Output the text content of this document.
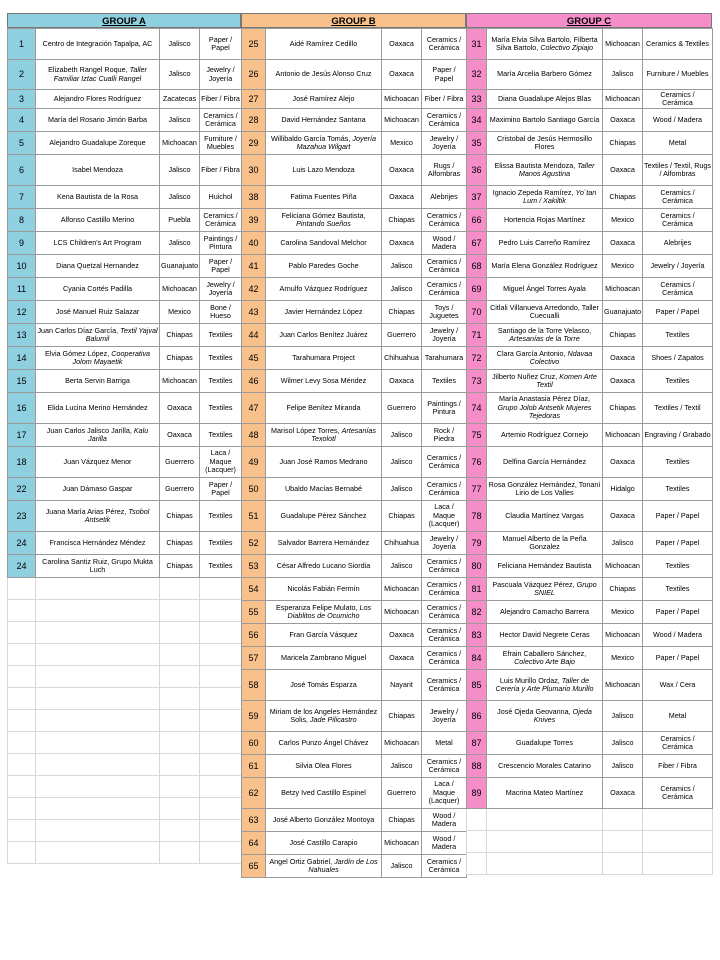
GROUP A
1	Centro de Integración Tapalpa, AC	Jalisco	Paper / Papel
2	Elizabeth Rangel Roque, Taller Familiar Iztac Cualli Rangel	Jalisco	Jewelry / Joyería
3	Alejandro Flores Rodríguez	Zacatecas	Fiber / Fibra
4	María del Rosario Jimón Barba	Jalisco	Ceramics / Cerámica
5	Alejandro Guadalupe Zoreque	Michoacan	Furniture / Muebles
6	Isabel Mendoza	Jalisco	Fiber / Fibra
7	Kena Bautista de la Rosa	Jalisco	Huichol
8	Alfonso Castillo Merino	Puebla	Ceramics / Cerámica
9	LCS Children's Art Program	Jalisco	Paintings / Pintura
10	Diana Quetzal Hernandez	Guanajuato	Paper / Papel
11	Cyania Cortés Padilla	Michoacan	Jewelry / Joyería
12	José Manuel Ruiz Salazar	Mexico	Bone / Hueso
13	Juan Carlos Díaz García, Textil Yajval Balumil	Chiapas	Textiles
14	Elvia Gómez López, Cooperativa Jolom Mayaetik	Chiapas	Textiles
15	Berta Servin Barriga	Michoacan	Textiles
16	Elida Lucina Merino Hernández	Oaxaca	Textiles
17	Juan Carlos Jalisco Jarilla, Kalu Jarilla	Oaxaca	Textiles
18	Juan Vázquez Menor	Guerrero	Laca / Maque (Lacquer)
22	Juan Dámaso Gaspar	Guerrero	Paper / Papel
23	Juana María Arias Pérez, Tsobol Antsetik	Chiapas	Textiles
24	Francisca Hernández Méndez	Chiapas	Textiles
24	Carolina Santiz Ruiz, Grupo Mukta Luch	Chiapas	Textiles

GROUP B
25	Aidé Ramírez Cedillo	Oaxaca	Ceramics / Cerámica
26	Antonio de Jesús Alonso Cruz	Oaxaca	Paper / Papel
27	José Ramírez Alejo	Michoacan	Fiber / Fibra
28	David Hernández Santana	Michoacan	Ceramics / Cerámica
29	Willibaldo García Tomás, Joyería Mazahua Wilgart	Mexico	Jewelry / Joyería
30	Luis Lazo Mendoza	Oaxaca	Rugs / Alfombras
38	Fatima Fuentes Piña	Oaxaca	Alebrijes
39	Feliciana Gómez Bautista, Pintando Sueños	Chiapas	Ceramics / Cerámica
40	Carolina Sandoval Melchor	Oaxaca	Wood / Madera
41	Pablo Paredes Goche	Jalisco	Ceramics / Cerámica
42	Arnulfo Vázquez Rodríguez	Jalisco	Ceramics / Cerámica
43	Javier Hernández López	Chiapas	Toys / Juguetes
44	Juan Carlos Benítez Juárez	Guerrero	Jewelry / Joyería
45	Tarahumara Project	Chihuahua	Tarahumara
46	Wilmer Levy Sosa Méndez	Oaxaca	Textiles
47	Felipe Benítez Miranda	Guerrero	Paintings / Pintura
48	Marisol López Torres, Artesanías Texolotl	Jalisco	Rock / Piedra
49	Juan José Ramos Medrano	Jalisco	Ceramics / Cerámica
50	Ubaldo Macías Bernabé	Jalisco	Ceramics / Cerámica
51	Guadalupe Pérez Sánchez	Chiapas	Laca / Maque (Lacquer)
52	Salvador Barrera Hernández	Chihuahua	Jewelry / Joyería
53	César Alfredo Lucano Siordia	Jalisco	Ceramics / Cerámica
54	Nicolás Fabián Fermín	Michoacan	Ceramics / Cerámica
55	Esperanza Felipe Mulato, Los Diablitos de Ocumicho	Michoacan	Ceramics / Cerámica
56	Fran García Vásquez	Oaxaca	Ceramics / Cerámica
57	Maricela Zambrano Miguel	Oaxaca	Ceramics / Cerámica
58	José Tomás Esparza	Nayarit	Ceramics / Cerámica
59	Miriam de los Angeles Hernández Solis, Jade Pilicastro	Chiapas	Jewelry / Joyería
60	Carlos Punzo Ángel Chávez	Michoacan	Metal
61	Silvia Olea Flores	Jalisco	Ceramics / Cerámica
62	Betzy Ived Castillo Espinel	Guerrero	Laca / Maque (Lacquer)
63	José Alberto González Montoya	Chiapas	Wood / Madera
64	José Castillo Carapio	Michoacan	Wood / Madera
65	Angel Ortiz Gabriel, Jardín de Los Nahuales	Jalisco	Ceramics / Cerámica
GROUP C
31	María Elvia Silva Bartolo, Filberta Silva Bartolo, Colectivo Zipiajo	Michoacan	Ceramics & Textiles
32	María Arcelia Barbero Gómez	Jalisco	Furniture / Muebles
33	Diana Guadalupe Alejos Blas	Michoacan	Ceramics / Cerámica
34	Maximino Bartolo Santiago García	Oaxaca	Wood / Madera
35	Cristobal de Jesús Hermosillo Flores	Chiapas	Metal
36	Elissa Bautista Mendoza, Taller Manos Agustina	Oaxaca	Textiles / Textil, Rugs / Alfombras
37	Ignacio Zepeda Ramírez, Yo`tan Lum / Xakiltik	Chiapas	Ceramics / Cerámica
66	Hortencia Rojas Martínez	Mexico	Ceramics / Cerámica
67	Pedro Luis Carreño Ramírez	Oaxaca	Alebrijes
68	María Elena González Rodríguez	Mexico	Jewelry / Joyería
69	Miguel Ángel Torres Ayala	Michoacan	Ceramics / Cerámica
70	Citlali Villanueva Arredondo, Taller Cuecualli	Guanajuato	Paper / Papel
71	Santiago de la Torre Velasco, Artesanías de la Torre	Chiapas	Textiles
72	Clara García Antonio, Ndavaa Colectivo	Oaxaca	Shoes / Zapatos
73	Jilberto Nuñez Cruz, Komen Arte Textil	Oaxaca	Textiles
74	María Anastasia Pérez Díaz, Grupo Jolob Antsetik Mujeres Tejedoras	Chiapas	Textiles / Textil
75	Artemio Rodríguez Cornejo	Michoacan	Engraving / Grabado
76	Delfina García Hernández	Oaxaca	Textiles
77	Rosa González Hernández, Tonaní Lirio de Los Valles	Hidalgo	Textiles
78	Claudia Martínez Vargas	Oaxaca	Paper / Papel
79	Manuel Alberto de la Peña Gonzalez	Jalisco	Paper / Papel
80	Feliciana Hernández Bautista	Michoacan	Textiles
81	Pascuala Vázquez Pérez, Grupo SNIEL	Chiapas	Textiles
82	Alejandro Camacho Barrera	Mexico	Paper / Papel
83	Hector David Negrete Ceras	Michoacan	Wood / Madera
84	Efrain Caballero Sánchez, Colectivo Arte Bajo	Mexico	Paper / Papel
85	Luis Murillo Ordaz, Taller de Cerería y Arte Plumario Murillo	Michoacan	Wax / Cera
86	José Ojeda Geovanna, Ojeda Knives	Jalisco	Metal
87	Guadalupe Torres	Jalisco	Ceramics / Cerámica
88	Crescencio Morales Catarino	Jalisco	Fiber / Fibra
89	Macrina Mateo Martínez	Oaxaca	Ceramics / Cerámica
